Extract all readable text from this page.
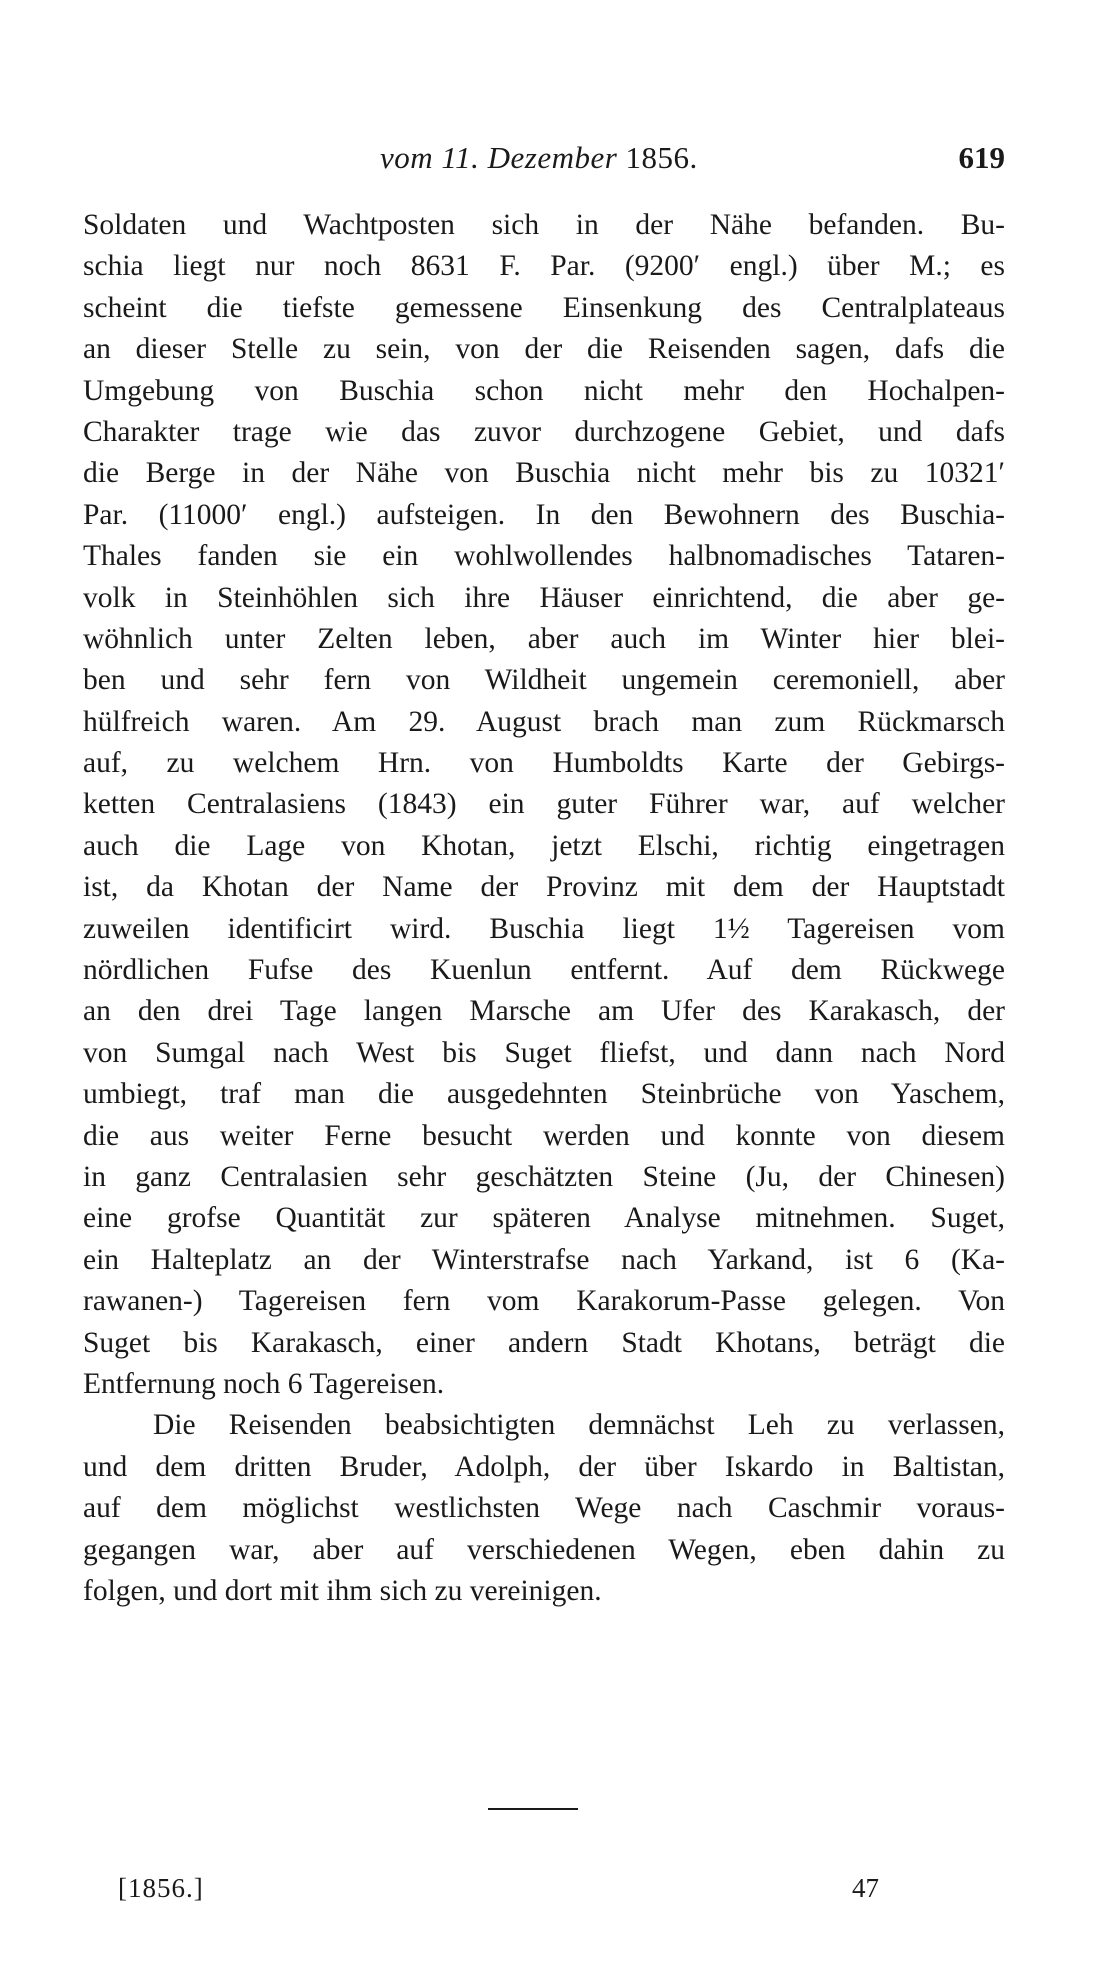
vom 11. Dezember 1856.	619
Soldaten und Wachtposten sich in der Nähe befanden. Bu-
schia liegt nur noch 8631 F. Par. (9200′ engl.) über M.; es
scheint die tiefste gemessene Einsenkung des Centralplateaus
an dieser Stelle zu sein, von der die Reisenden sagen, dafs die
Umgebung von Buschia schon nicht mehr den Hochalpen-
Charakter trage wie das zuvor durchzogene Gebiet, und dafs
die Berge in der Nähe von Buschia nicht mehr bis zu 10321′
Par. (11000′ engl.) aufsteigen. In den Bewohnern des Buschia-
Thales fanden sie ein wohlwollendes halbnomadisches Tataren-
volk in Steinhöhlen sich ihre Häuser einrichtend, die aber ge-
wöhnlich unter Zelten leben, aber auch im Winter hier blei-
ben und sehr fern von Wildheit ungemein ceremoniell, aber
hülfreich waren. Am 29. August brach man zum Rückmarsch
auf, zu welchem Hrn. von Humboldts Karte der Gebirgs-
ketten Centralasiens (1843) ein guter Führer war, auf welcher
auch die Lage von Khotan, jetzt Elschi, richtig eingetragen
ist, da Khotan der Name der Provinz mit dem der Hauptstadt
zuweilen identificirt wird. Buschia liegt 1½ Tagereisen vom
nördlichen Fufse des Kuenlun entfernt. Auf dem Rückwege
an den drei Tage langen Marsche am Ufer des Karakasch, der
von Sumgal nach West bis Suget fliefst, und dann nach Nord
umbiegt, traf man die ausgedehnten Steinbrüche von Yaschem,
die aus weiter Ferne besucht werden und konnte von diesem
in ganz Centralasien sehr geschätzten Steine (Ju, der Chinesen)
eine grofse Quantität zur späteren Analyse mitnehmen. Suget,
ein Halteplatz an der Winterstrafse nach Yarkand, ist 6 (Ka-
rawanen-) Tagereisen fern vom Karakorum-Passe gelegen. Von
Suget bis Karakasch, einer andern Stadt Khotans, beträgt die
Entfernung noch 6 Tagereisen.
Die Reisenden beabsichtigten demnächst Leh zu verlassen,
und dem dritten Bruder, Adolph, der über Iskardo in Baltistan,
auf dem möglichst westlichsten Wege nach Caschmir voraus-
gegangen war, aber auf verschiedenen Wegen, eben dahin zu
folgen, und dort mit ihm sich zu vereinigen.
[1856.]	47
